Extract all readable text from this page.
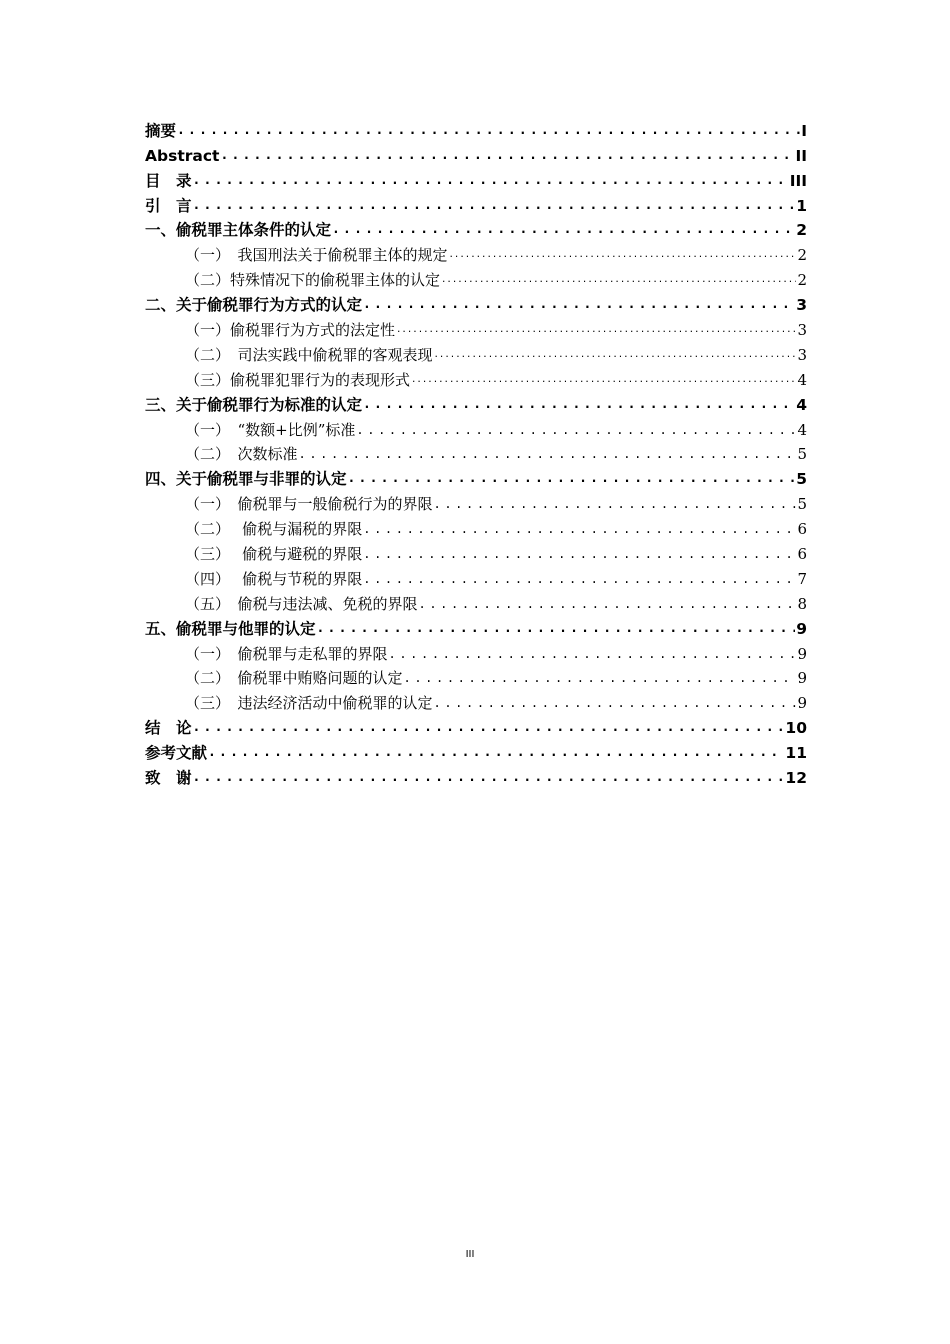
摘要 .....	I
Abstract .....	II
目　录 .....	III
引　言 .....	1
一、偷税罪主体条件的认定 .....	2
（一）　我国刑法关于偷税罪主体的规定 .....	2
（二）特殊情况下的偷税罪主体的认定 .....	2
二、关于偷税罪行为方式的认定 .....	3
（一）偷税罪行为方式的法定性 .....	3
（二）　司法实践中偷税罪的客观表现 .....	3
（三）偷税罪犯罪行为的表现形式 .....	4
三、关于偷税罪行为标准的认定 .....	4
（一）　“数额+比例”标准 .....	4
（二）　次数标准 .....	5
四、关于偷税罪与非罪的认定 .....	5
（一）　偷税罪与一般偷税行为的界限 .....	5
（二）　 偷税与漏税的界限 .....	6
（三）　 偷税与避税的界限 .....	6
（四）　 偷税与节税的界限 .....	7
（五）　偷税与违法减、免税的界限 .....	8
五、偷税罪与他罪的认定 .....	9
（一）　偷税罪与走私罪的界限 .....	9
（二）　偷税罪中贿赂问题的认定 .....	9
（三）　违法经济活动中偷税罪的认定 .....	9
结　论 .....	10
参考文献 .....	11
致　谢 .....	12
III
